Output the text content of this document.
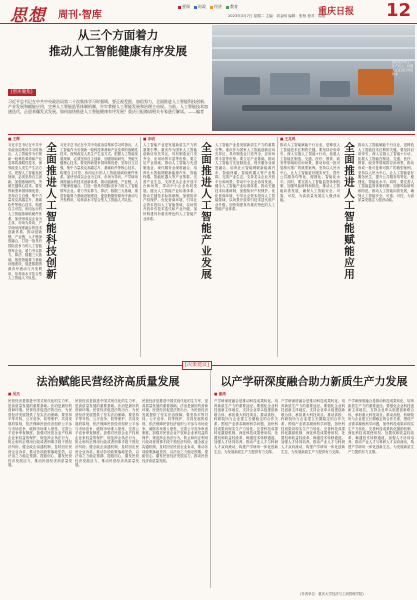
思想 周刊·智库
要闻 时政 经济 教育
2023年3月7日 星期二 主编：刘金明 编辑：张杨 校对：周敏
重庆日报 12
从三个方面着力
推动人工智能健康有序发展
重庆某汽车工厂生产线上，机器人正在进行焊接作业
[智库聚焦]
习近平总书记在中共中央政治局第二十次集体学习时强调，要正视差距、加倍努力，全面推进人工智能科技创新、产业发展和赋能应用，完善人工智能监管体制机制，牢牢掌握人工智能发展和治理主动权。当前，人工智能技术加速迭代，正迎来爆发式发展。如何加快推进人工智能健康有序发展？重庆日报邀请相关专家进行解读。——编者
■ 王辉
习近平总书记在中共中央政治局集体学习时指出，人工智能作为引领新一轮科技革命和产业变革的战略性技术，深刻改变人类生产生活方式。把握人工智能发展规律，必须坚持自主创新，加强基础研究，突破关键核心技术。要发挥新型举国体制优势，坚持自立自强，集中力量攻克高端芯片、基础软件等核心技术，构建自主可控、协同运行的人工智能基础软硬件体系。加快形成以企业为主体、市场为导向、产学研用深度融合的技术创新体系，推动创新链、产业链、人才链深度融合，打造一批具有国际竞争力的人工智能领军企业。着力夯实算力、算法、数据三大基础，推进智能算力基础设施建设，促进数据资源有序流动与开发利用，培养高水平复合型人工智能人才队伍。 全面推进人工智能科技创新 习近平总书记在中共中央政治局集体学习时指出，人工智能作为引领新一轮科技革命和产业变革的战略性技术，深刻改变人类生产生活方式。把握人工智能发展规律，必须坚持自主创新，加强基础研究，突破关键核心技术。要发挥新型举国体制优势，坚持自立自强，集中力量攻克高端芯片、基础软件等核心技术，构建自主可控、协同运行的人工智能基础软硬件体系。加快形成以企业为主体、市场为导向、产学研用深度融合的技术创新体系，推动创新链、产业链、人才链深度融合，打造一批具有国际竞争力的人工智能领军企业。着力夯实算力、算法、数据三大基础，推进智能算力基础设施建设，促进数据资源有序流动与开发利用，培养高水平复合型人工智能人才队伍。
■ 李明
人工智能产业是发展新质生产力的重要引擎。重庆作为国家人工智能创新应用先导区，具有制造业门类齐全、应用场景丰富等优势。要立足产业基础，推动人工智能与先进制造业、现代服务业深度融合，培育壮大智能网联新能源汽车、智能终端、智能机器人等产业集群。完善产业生态，支持龙头企业开放平台和场景，带动中小企业协同发展。健全人工智能产业标准体系，推动关键技术标准研制，加强知识产权保护。优化营商环境，引导社会资本投向人工智能领域，以场景开放牵引技术迭代和产业升级，加快构建具有重庆特色的人工智能产业体系。	全面推进人工智能产业发展 人工智能产业是发展新质生产力的重要引擎。重庆作为国家人工智能创新应用先导区，具有制造业门类齐全、应用场景丰富等优势。要立足产业基础，推动人工智能与先进制造业、现代服务业深度融合，培育壮大智能网联新能源汽车、智能终端、智能机器人等产业集群。完善产业生态，支持龙头企业开放平台和场景，带动中小企业协同发展。健全人工智能产业标准体系，推动关键技术标准研制，加强知识产权保护。优化营商环境，引导社会资本投向人工智能领域，以场景开放牵引技术迭代和产业升级，加快构建具有重庆特色的人工智能产业体系。
■ 王兆鸣
推动人工智能赋能千行百业，是释放人工智能技术红利的关键。要坚持应用牵引，深入实施人工智能+行动，拓展人工智能在制造、交通、医疗、教育、政务等领域的应用场景，推动形成一批可复制可推广的典型案例。坚持以人民为中心，让人工智能更好服务民生，提升公共服务均等化、便捷化、智能化水平。同时，要完善人工智能监管体制机制，加强风险研判和防范，推动人工智能向善发展，确保人工智能安全、可靠、可控，为高质量发展注入强劲动能。	全面推进人工智能赋能应用 推动人工智能赋能千行百业，是释放人工智能技术红利的关键。要坚持应用牵引，深入实施人工智能+行动，拓展人工智能在制造、交通、医疗、教育、政务等领域的应用场景，推动形成一批可复制可推广的典型案例。坚持以人民为中心，让人工智能更好服务民生，提升公共服务均等化、便捷化、智能化水平。同时，要完善人工智能监管体制机制，加强风险研判和防范，推动人工智能向善发展，确保人工智能安全、可靠、可控，为高质量发展注入强劲动能。
[决策建议]
法治赋能民营经济高质量发展
■ 吴杰
民营经济是推进中国式现代化的生力军，是高质量发展的重要基础。法治是最好的营商环境。民营经济促进法的出台，为民营经济发展提供了坚实法治保障。要坚持平等对待、公平竞争、同等保护、共同发展的原则，依法保障民营经济组织公平参与市场竞争，破除市场准入壁垒，完善公平竞争审查制度。加强对民营企业产权和企业家权益的保护，规范涉企执法行为，防止和纠正利用行政或者刑事手段干预经济纠纷。健全政企沟通机制，及时回应民营企业诉求，推动各项政策落地见效，以法治之力稳定预期、提振信心，激发民营经济发展活力，推动民营经济高质量发展。
民营经济是推进中国式现代化的生力军，是高质量发展的重要基础。法治是最好的营商环境。民营经济促进法的出台，为民营经济发展提供了坚实法治保障。要坚持平等对待、公平竞争、同等保护、共同发展的原则，依法保障民营经济组织公平参与市场竞争，破除市场准入壁垒，完善公平竞争审查制度。加强对民营企业产权和企业家权益的保护，规范涉企执法行为，防止和纠正利用行政或者刑事手段干预经济纠纷。健全政企沟通机制，及时回应民营企业诉求，推动各项政策落地见效，以法治之力稳定预期、提振信心，激发民营经济发展活力，推动民营经济高质量发展。
民营经济是推进中国式现代化的生力军，是高质量发展的重要基础。法治是最好的营商环境。民营经济促进法的出台，为民营经济发展提供了坚实法治保障。要坚持平等对待、公平竞争、同等保护、共同发展的原则，依法保障民营经济组织公平参与市场竞争，破除市场准入壁垒，完善公平竞争审查制度。加强对民营企业产权和企业家权益的保护，规范涉企执法行为，防止和纠正利用行政或者刑事手段干预经济纠纷。健全政企沟通机制，及时回应民营企业诉求，推动各项政策落地见效，以法治之力稳定预期、提振信心，激发民营经济发展活力，推动民营经济高质量发展。
以产学研深度融合助力新质生产力发展
■ 谢鸿
产学研深度融合是推动科技成果转化、培育新质生产力的重要途径。要强化企业科技创新主体地位，支持企业牵头组建创新联合体，承担重大科技项目。推动高校、科研院所与企业建立长期稳定的合作关系，围绕产业需求凝练科学问题，加快科技成果向现实生产力转化。完善科技成果转化激励机制，深化科技成果使用权、处置权和收益权改革，畅通技术转移通道。加强人才协同培养，推动产业人才与科研人才双向流动，构建产学研用一体化创新生态，为发展新质生产力提供有力支撑。
产学研深度融合是推动科技成果转化、培育新质生产力的重要途径。要强化企业科技创新主体地位，支持企业牵头组建创新联合体，承担重大科技项目。推动高校、科研院所与企业建立长期稳定的合作关系，围绕产业需求凝练科学问题，加快科技成果向现实生产力转化。完善科技成果转化激励机制，深化科技成果使用权、处置权和收益权改革，畅通技术转移通道。加强人才协同培养，推动产业人才与科研人才双向流动，构建产学研用一体化创新生态，为发展新质生产力提供有力支撑。
产学研深度融合是推动科技成果转化、培育新质生产力的重要途径。要强化企业科技创新主体地位，支持企业牵头组建创新联合体，承担重大科技项目。推动高校、科研院所与企业建立长期稳定的合作关系，围绕产业需求凝练科学问题，加快科技成果向现实生产力转化。完善科技成果转化激励机制，深化科技成果使用权、处置权和收益权改革，畅通技术转移通道。加强人才协同培养，推动产业人才与科研人才双向流动，构建产学研用一体化创新生态，为发展新质生产力提供有力支撑。
(作者单位：重庆大学经济与工商管理学院)
